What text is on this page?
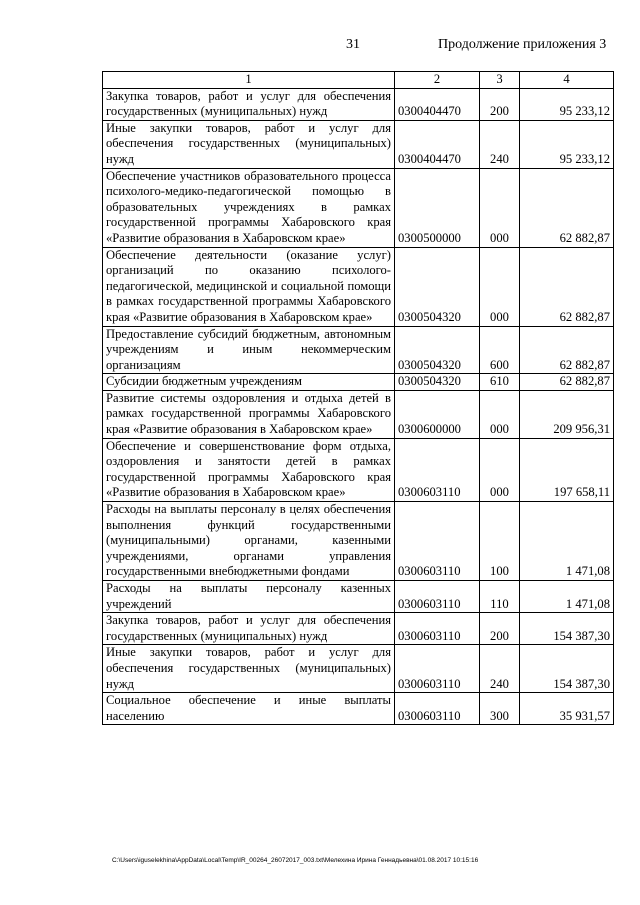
31	Продолжение приложения 3
1	2	3	4
Закупка товаров, работ и услуг для обеспечения государственных (муниципальных) нужд	0300404470	200	95 233,12
Иные закупки товаров, работ и услуг для обеспечения государственных (муниципальных) нужд	0300404470	240	95 233,12
Обеспечение участников образовательного процесса психолого-медико-педагогической помощью в образовательных учреждениях в рамках государственной программы Хабаровского края «Развитие образования в Хабаровском крае»	0300500000	000	62 882,87
Обеспечение деятельности (оказание услуг) организаций по оказанию психолого-педагогической, медицинской и социальной помощи в рамках государственной программы Хабаровского края «Развитие образования в Хабаровском крае»	0300504320	000	62 882,87
Предоставление субсидий бюджетным, автономным учреждениям и иным некоммерческим организациям	0300504320	600	62 882,87
Субсидии бюджетным учреждениям	0300504320	610	62 882,87
Развитие системы оздоровления и отдыха детей в рамках государственной программы Хабаровского края «Развитие образования в Хабаровском крае»	0300600000	000	209 956,31
Обеспечение и совершенствование форм отдыха, оздоровления и занятости детей в рамках государственной программы Хабаровского края «Развитие образования в Хабаровском крае»	0300603110	000	197 658,11
Расходы на выплаты персоналу в целях обеспечения выполнения функций государственными (муниципальными) органами, казенными учреждениями, органами управления государственными внебюджетными фондами	0300603110	100	1 471,08
Расходы на выплаты персоналу казенных учреждений	0300603110	110	1 471,08
Закупка товаров, работ и услуг для обеспечения государственных (муниципальных) нужд	0300603110	200	154 387,30
Иные закупки товаров, работ и услуг для обеспечения государственных (муниципальных) нужд	0300603110	240	154 387,30
Социальное обеспечение и иные выплаты населению	0300603110	300	35 931,57
C:\Users\iguselekhina\AppData\Local\Temp\IR_00264_26072017_003.txt\Мелехина Ирина Геннадьевна\01.08.2017 10:15:16
